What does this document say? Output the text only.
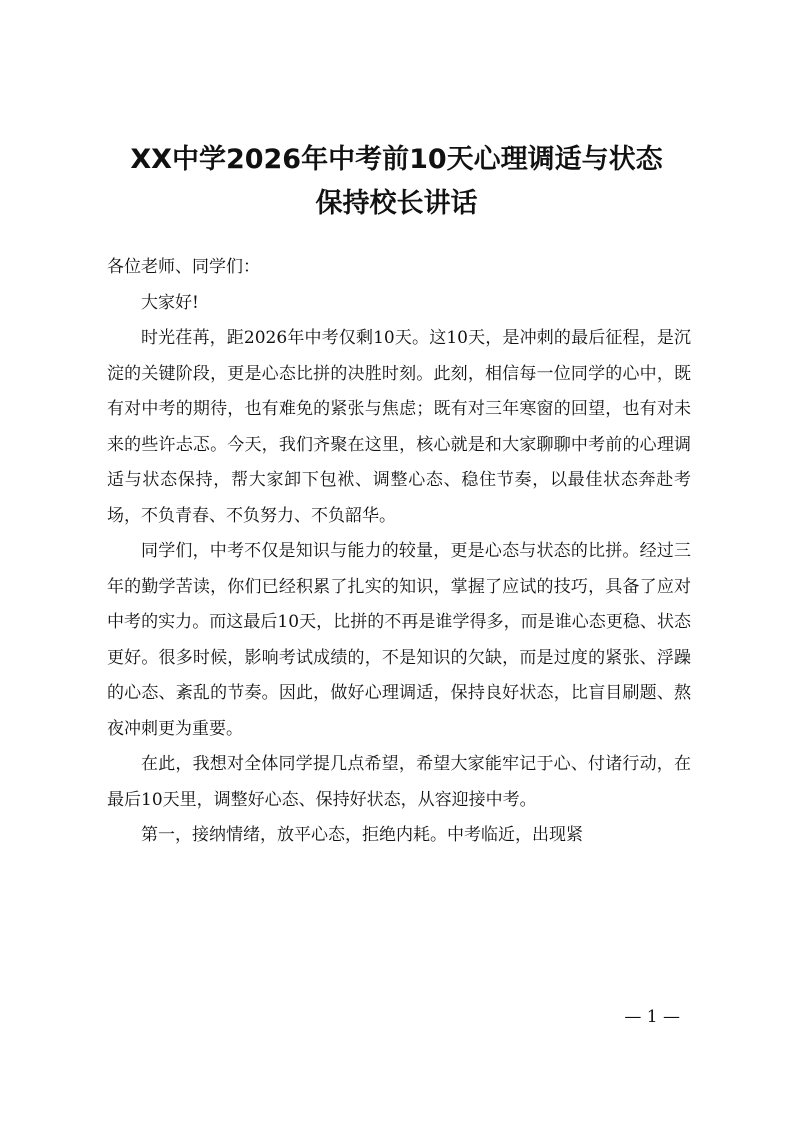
XX中学2026年中考前10天心理调适与状态
保持校长讲话

各位老师、同学们：

大家好!

时光荏苒，距2026年中考仅剩10天。这10天，是冲刺的最后征程，是沉淀的关键阶段，更是心态比拼的决胜时刻。此刻，相信每一位同学的心中，既有对中考的期待，也有难免的紧张与焦虑；既有对三年寒窗的回望，也有对未来的些许忐忑。今天，我们齐聚在这里，核心就是和大家聊聊中考前的心理调适与状态保持，帮大家卸下包袱、调整心态、稳住节奏，以最佳状态奔赴考场，不负青春、不负努力、不负韶华。

同学们，中考不仅是知识与能力的较量，更是心态与状态的比拼。经过三年的勤学苦读，你们已经积累了扎实的知识，掌握了应试的技巧，具备了应对中考的实力。而这最后10天，比拼的不再是谁学得多，而是谁心态更稳、状态更好。很多时候，影响考试成绩的，不是知识的欠缺，而是过度的紧张、浮躁的心态、紊乱的节奏。因此，做好心理调适，保持良好状态，比盲目刷题、熬夜冲刺更为重要。

在此，我想对全体同学提几点希望，希望大家能牢记于心、付诸行动，在最后10天里，调整好心态、保持好状态，从容迎接中考。

第一，接纳情绪，放平心态，拒绝内耗。中考临近，出现紧

— 1 —
